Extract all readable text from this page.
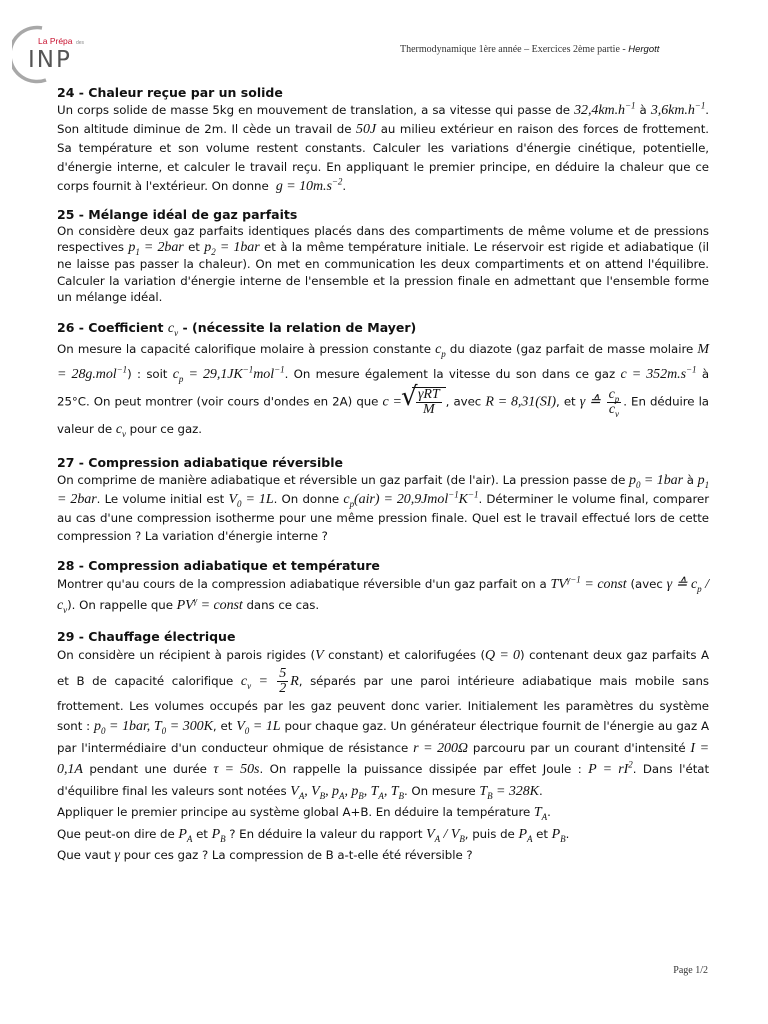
La Prépa des
INP	Thermodynamique 1ère année – Exercices 2ème partie - Hergott

24 - Chaleur reçue par un solide

Un corps solide de masse 5kg en mouvement de translation, a sa vitesse qui passe de $32,4km.h^{-1}$ à $3,6km.h^{-1}$. Son altitude diminue de 2m. Il cède un travail de 50J au milieu extérieur en raison des forces de frottement. Sa température et son volume restent constants. Calculer les variations d'énergie cinétique, potentielle, d'énergie interne, et calculer le travail reçu. En appliquant le premier principe, en déduire la chaleur que ce corps fournit à l'extérieur. On donne  $g = 10m.s^{-2}$.

25 - Mélange idéal de gaz parfaits

On considère deux gaz parfaits identiques placés dans des compartiments de même volume et de pressions respectives $p_1 = 2bar$ et $p_2 = 1bar$ et à la même température initiale. Le réservoir est rigide et adiabatique (il ne laisse pas passer la chaleur). On met en communication les deux compartiments et on attend l'équilibre. Calculer la variation d'énergie interne de l'ensemble et la pression finale en admettant que l'ensemble forme un mélange idéal.

26 - Coefficient $c_v$ - (nécessite la relation de Mayer)

On mesure la capacité calorifique molaire à pression constante $c_p$ du diazote (gaz parfait de masse molaire M = 28g.mol$^{-1}$) : soit $c_p = 29,1JK^{-1}mol^{-1}$. On mesure également la vitesse du son dans ce gaz $c = 352m.s^{-1}$ à 25°C. On peut montrer (voir cours d'ondes en 2A) que c =
√ $\frac{\text{γRT}}{M}$ , avec R = 8,31(SI), et γ ≙ $\frac{c_p}{c_v}$ . En déduire la valeur de $c_v$ pour ce gaz.

27 - Compression adiabatique réversible

On comprime de manière adiabatique et réversible un gaz parfait (de l'air). La pression passe de $p_0 = 1bar$ à $p_1 = 2bar$. Le volume initial est $V_0 = 1L$. On donne $c_p(air)$ = $20,9Jmol^{-1}K^{-1}$. Déterminer le volume final, comparer au cas d'une compression isotherme pour une même pression finale. Quel est le travail effectué lors de cette compression ? La variation d'énergie interne ?

28 - Compression adiabatique et température

Montrer qu'au cours de la compression adiabatique réversible d'un gaz parfait on a $TV^{\gamma-1}$ = const (avec γ ≙ $c_p / c_v$). On rappelle que $PV^\gamma$ = const dans ce cas.

29 - Chauffage électrique

On considère un récipient à parois rigides (V constant) et calorifugées (Q = 0) contenant deux gaz parfaits A et B de capacité calorifique $c_v = \frac{5}{2} R$, séparés par une paroi intérieure adiabatique mais mobile sans frottement. Les volumes occupés par les gaz peuvent donc varier. Initialement les paramètres du système sont : $p_0 = 1bar$, $T_0 = 300K$, et $V_0 = 1L$ pour chaque gaz. Un générateur électrique fournit de l'énergie au gaz A par l'intermédiaire d'un conducteur ohmique de résistance r = 200Ω parcouru par un courant d'intensité I = 0,1A pendant une durée τ = 50s. On rappelle la puissance dissipée par effet Joule : $P = rI^2$. Dans l'état d'équilibre final les valeurs sont notées $V_A$, $V_B$, $p_A$, $p_B$, $T_A$, $T_B$. On mesure $T_B = 328K$.
Appliquer le premier principe au système global A+B. En déduire la température $T_A$.
Que peut-on dire de $P_A$ et $P_B$ ? En déduire la valeur du rapport $V_A / V_B$, puis de $P_A$ et $P_B$.
Que vaut γ pour ces gaz ? La compression de B a-t-elle été réversible ?

Page 1/2
